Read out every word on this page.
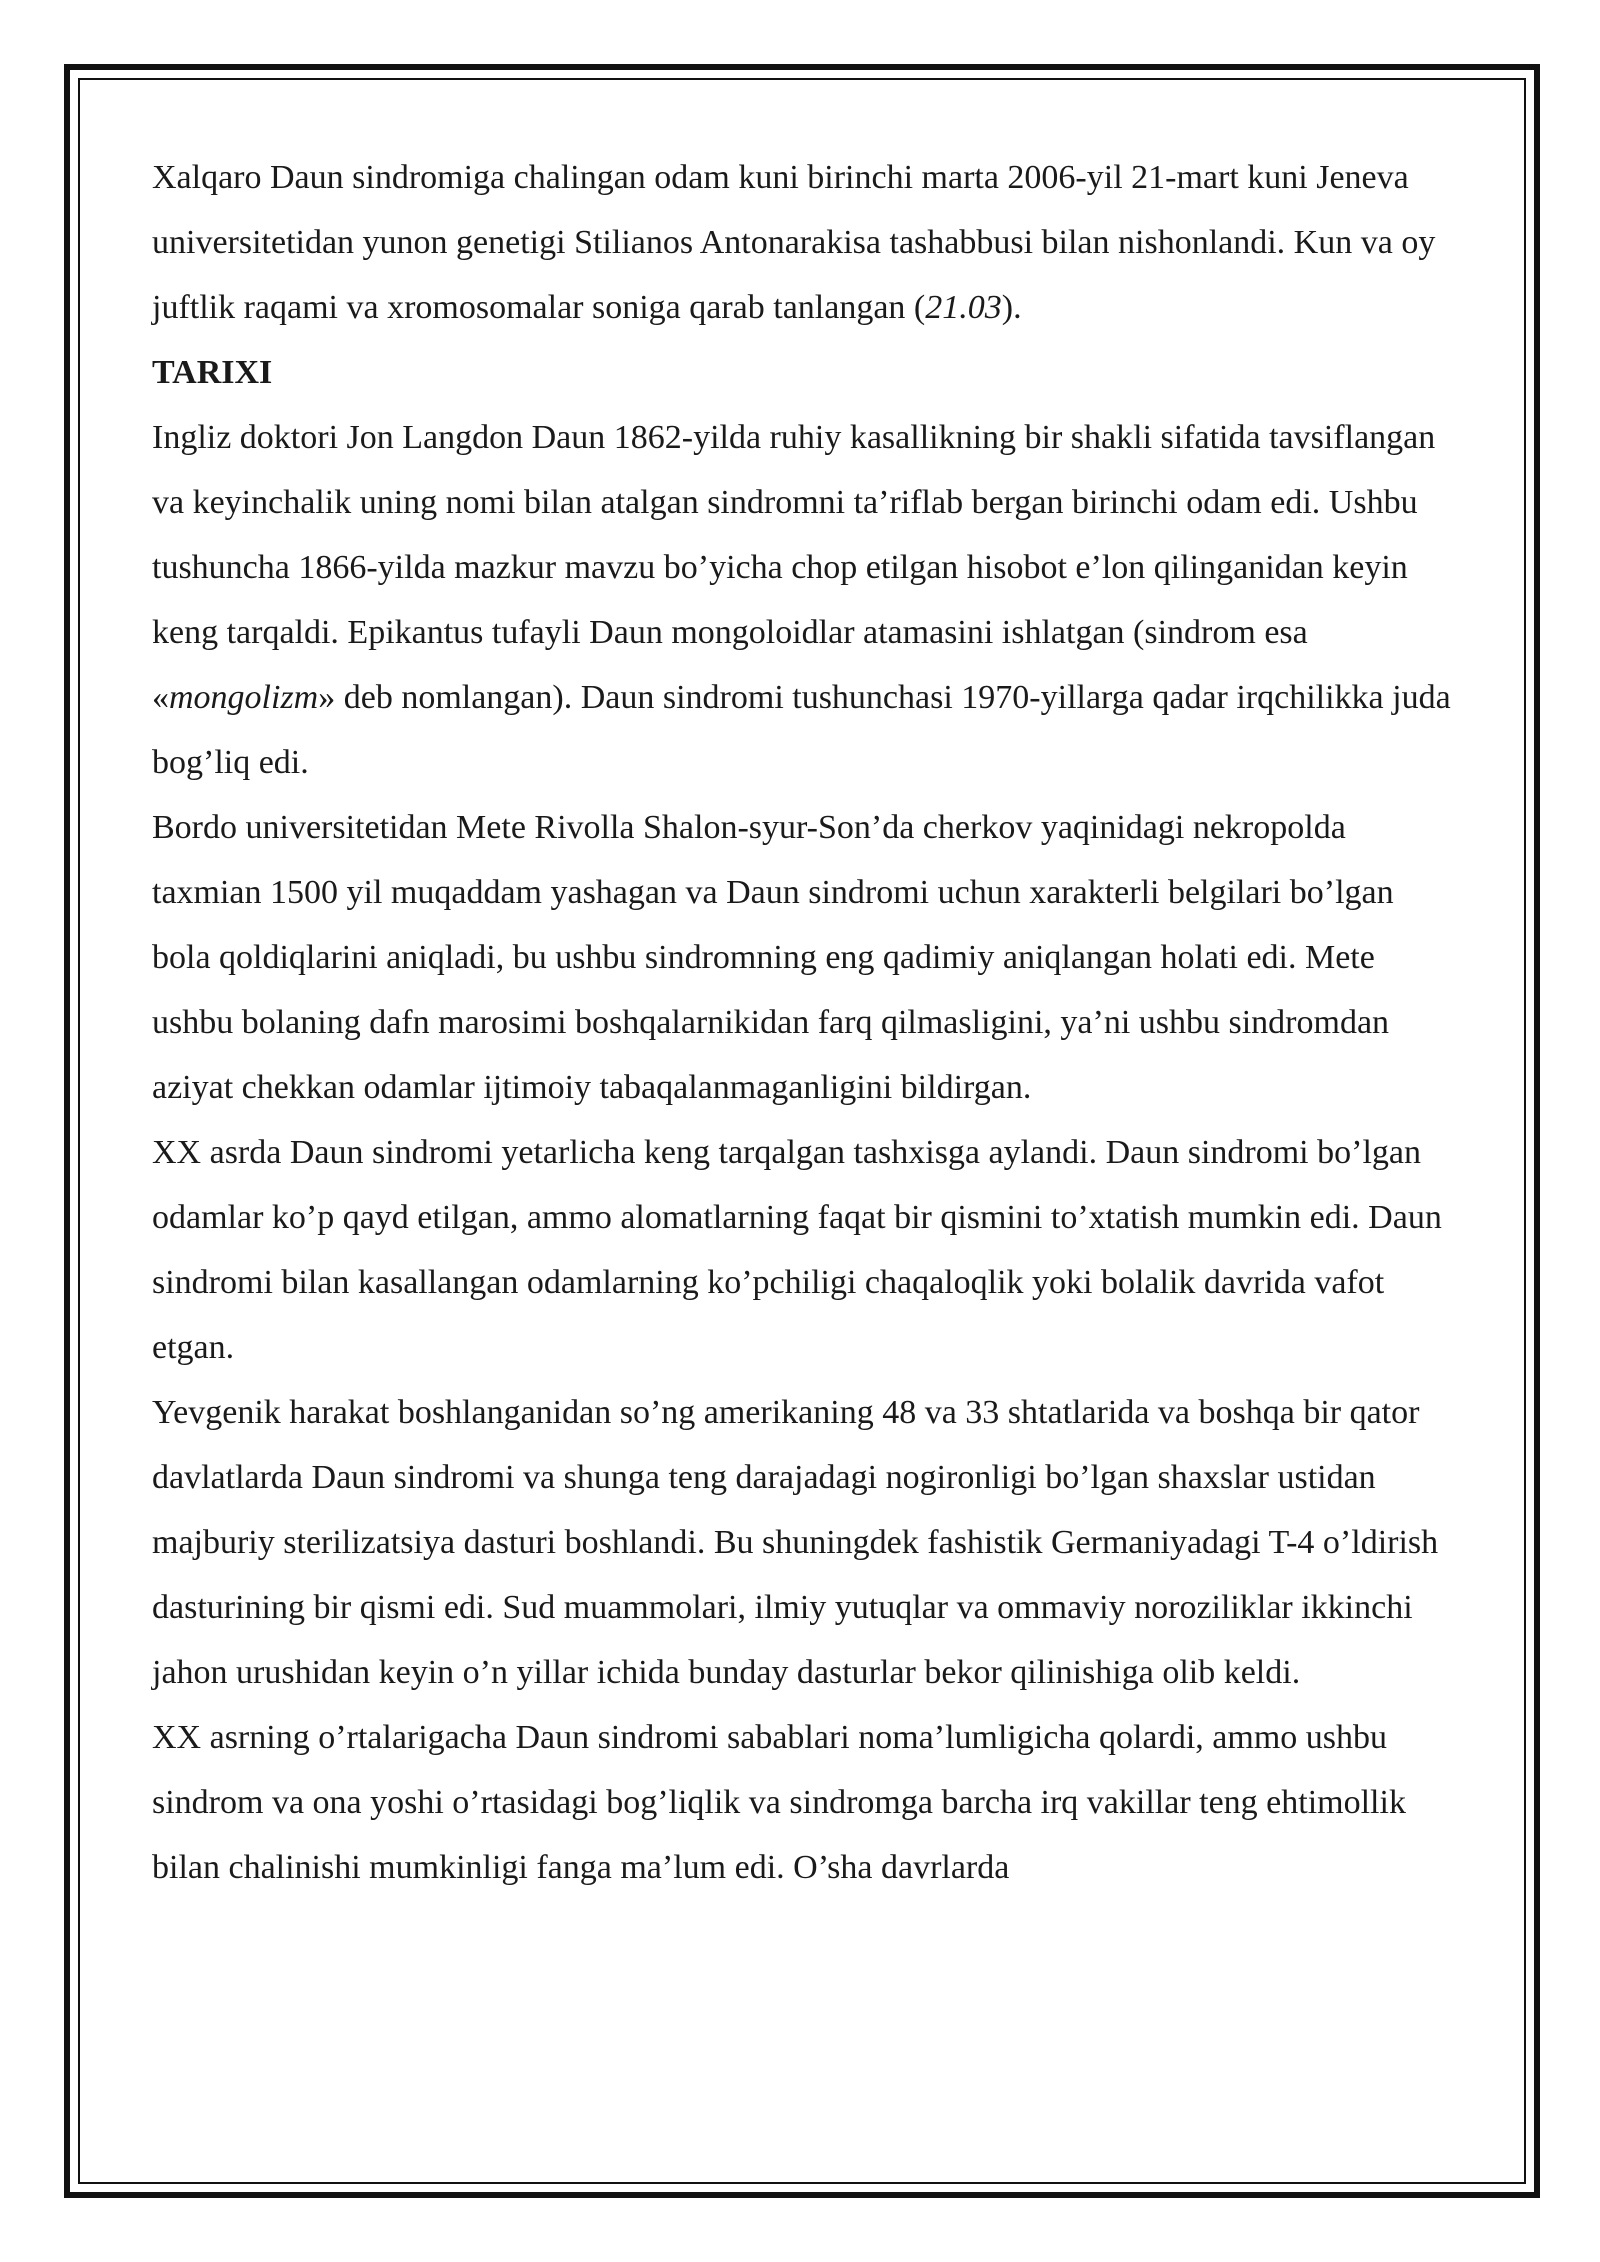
Xalqaro Daun sindromiga chalingan odam kuni birinchi marta 2006-yil 21-mart kuni Jeneva universitetidan yunon genetigi Stilianos Antonarakisa tashabbusi bilan nishonlandi. Kun va oy juftlik raqami va xromosomalar soniga qarab tanlangan (21.03).

TARIXI

Ingliz doktori Jon Langdon Daun 1862-yilda ruhiy kasallikning bir shakli sifatida tavsiflangan va keyinchalik uning nomi bilan atalgan sindromni ta’riflab bergan birinchi odam edi. Ushbu tushuncha 1866-yilda mazkur mavzu bo’yicha chop etilgan hisobot e’lon qilinganidan keyin keng tarqaldi. Epikantus tufayli Daun mongoloidlar atamasini ishlatgan (sindrom esa «mongolizm» deb nomlangan). Daun sindromi tushunchasi 1970-yillarga qadar irqchilikka juda bog’liq edi.

Bordo universitetidan Mete Rivolla Shalon-syur-Son’da cherkov yaqinidagi nekropolda taxmian 1500 yil muqaddam yashagan va Daun sindromi uchun xarakterli belgilari bo’lgan bola qoldiqlarini aniqladi, bu ushbu sindromning eng qadimiy aniqlangan holati edi. Mete ushbu bolaning dafn marosimi boshqalarnikidan farq qilmasligini, ya’ni ushbu sindromdan aziyat chekkan odamlar ijtimoiy tabaqalanmaganligini bildirgan.

XX asrda Daun sindromi yetarlicha keng tarqalgan tashxisga aylandi. Daun sindromi bo’lgan odamlar ko’p qayd etilgan, ammo alomatlarning faqat bir qismini to’xtatish mumkin edi. Daun sindromi bilan kasallangan odamlarning ko’pchiligi chaqaloqlik yoki bolalik davrida vafot etgan.

Yevgenik harakat boshlanganidan so’ng amerikaning 48 va 33 shtatlarida va boshqa bir qator davlatlarda Daun sindromi va shunga teng darajadagi nogironligi bo’lgan shaxslar ustidan majburiy sterilizatsiya dasturi boshlandi. Bu shuningdek fashistik Germaniyadagi T-4 o’ldirish dasturining bir qismi edi. Sud muammolari, ilmiy yutuqlar va ommaviy noroziliklar ikkinchi jahon urushidan keyin o’n yillar ichida bunday dasturlar bekor qilinishiga olib keldi.

XX asrning o’rtalarigacha Daun sindromi sabablari noma’lumligicha qolardi, ammo ushbu sindrom va ona yoshi o’rtasidagi bog’liqlik va sindromga barcha irq vakillar teng ehtimollik bilan chalinishi mumkinligi fanga ma’lum edi. O’sha davrlarda
